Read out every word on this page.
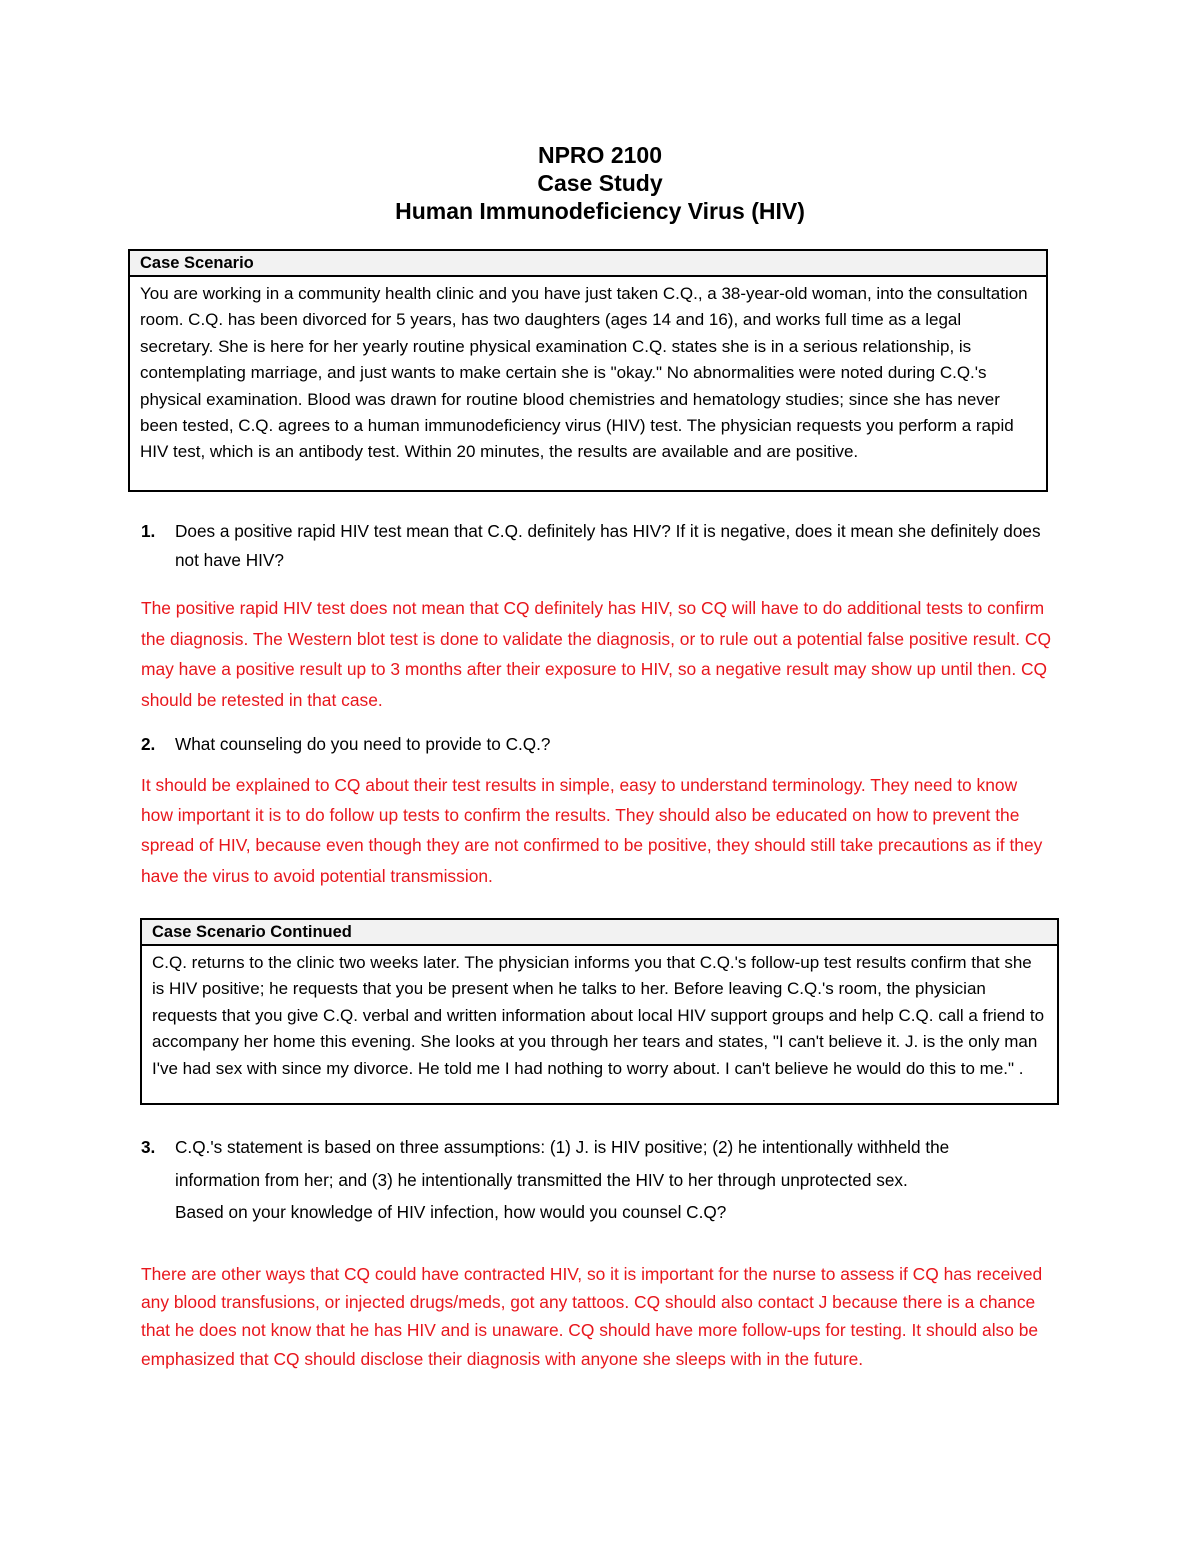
NPRO 2100
Case Study
Human Immunodeficiency Virus (HIV)
Case Scenario
You are working in a community health clinic and you have just taken C.Q., a 38-year-old woman, into the consultation room. C.Q. has been divorced for 5 years, has two daughters (ages 14 and 16), and works full time as a legal secretary. She is here for her yearly routine physical examination C.Q. states she is in a serious relationship, is contemplating marriage, and just wants to make certain she is "okay." No abnormalities were noted during C.Q.'s physical examination. Blood was drawn for routine blood chemistries and hematology studies; since she has never been tested, C.Q. agrees to a human immunodeficiency virus (HIV) test. The physician requests you perform a rapid HIV test, which is an antibody test. Within 20 minutes, the results are available and are positive.
1. Does a positive rapid HIV test mean that C.Q. definitely has HIV? If it is negative, does it mean she definitely does not have HIV?
The positive rapid HIV test does not mean that CQ definitely has HIV, so CQ will have to do additional tests to confirm the diagnosis. The Western blot test is done to validate the diagnosis, or to rule out a potential false positive result. CQ may have a positive result up to 3 months after their exposure to HIV, so a negative result may show up until then. CQ should be retested in that case.
2. What counseling do you need to provide to C.Q.?
It should be explained to CQ about their test results in simple, easy to understand terminology. They need to know how important it is to do follow up tests to confirm the results. They should also be educated on how to prevent the spread of HIV, because even though they are not confirmed to be positive, they should still take precautions as if they have the virus to avoid potential transmission.
Case Scenario Continued
C.Q. returns to the clinic two weeks later. The physician informs you that C.Q.'s follow-up test results confirm that she is HIV positive; he requests that you be present when he talks to her. Before leaving C.Q.'s room, the physician requests that you give C.Q. verbal and written information about local HIV support groups and help C.Q. call a friend to accompany her home this evening. She looks at you through her tears and states, "I can't believe it. J. is the only man I've had sex with since my divorce. He told me I had nothing to worry about. I can't believe he would do this to me." .
3. C.Q.'s statement is based on three assumptions: (1) J. is HIV positive; (2) he intentionally withheld the information from her; and (3) he intentionally transmitted the HIV to her through unprotected sex. Based on your knowledge of HIV infection, how would you counsel C.Q?
There are other ways that CQ could have contracted HIV, so it is important for the nurse to assess if CQ has received any blood transfusions, or injected drugs/meds, got any tattoos. CQ should also contact J because there is a chance that he does not know that he has HIV and is unaware. CQ should have more follow-ups for testing. It should also be emphasized that CQ should disclose their diagnosis with anyone she sleeps with in the future.
